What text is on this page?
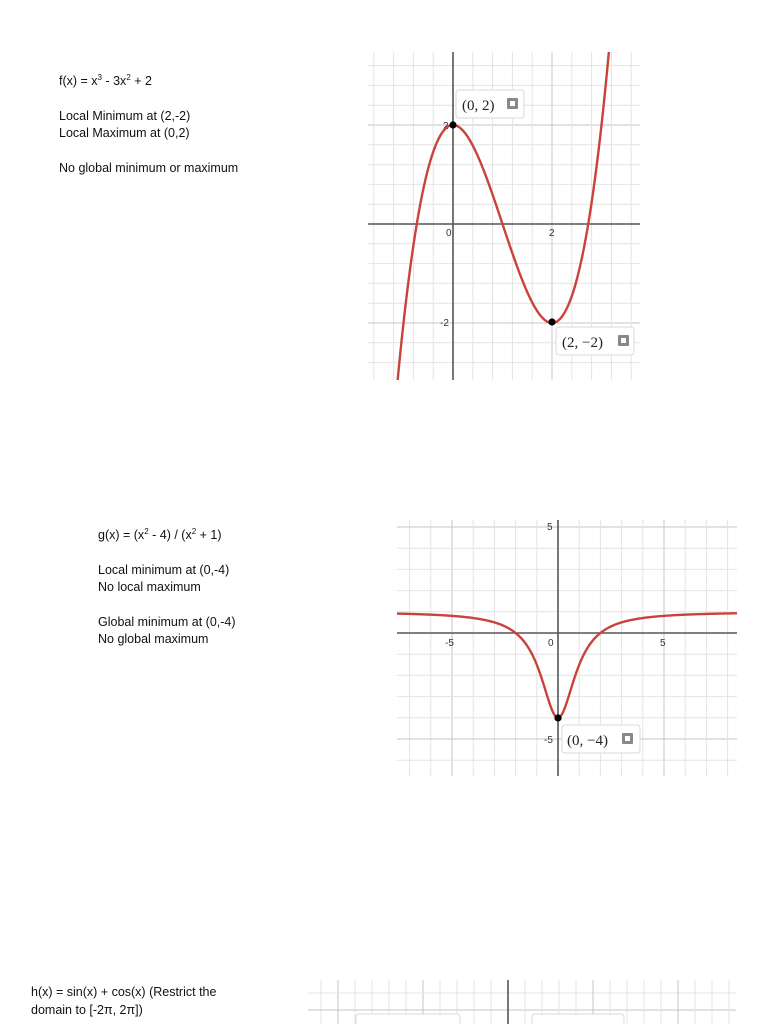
$f(x) = x^3 - 3x^2 + 2$

Local Minimum at (2,-2)

Local Maximum at (0,2)

No global minimum or maximum

0	2
2
-2
(0, 2)
(2, −2)

$g(x) = (x^2 - 4) / (x^2 + 1)$

Local minimum at (0,-4)

No local maximum

Global minimum at (0,-4)

No global maximum	-5	0	5
5
-5 (0, −4)

h(x) = sin(x) + cos(x) (Restrict the

domain to [-2π, 2π])
